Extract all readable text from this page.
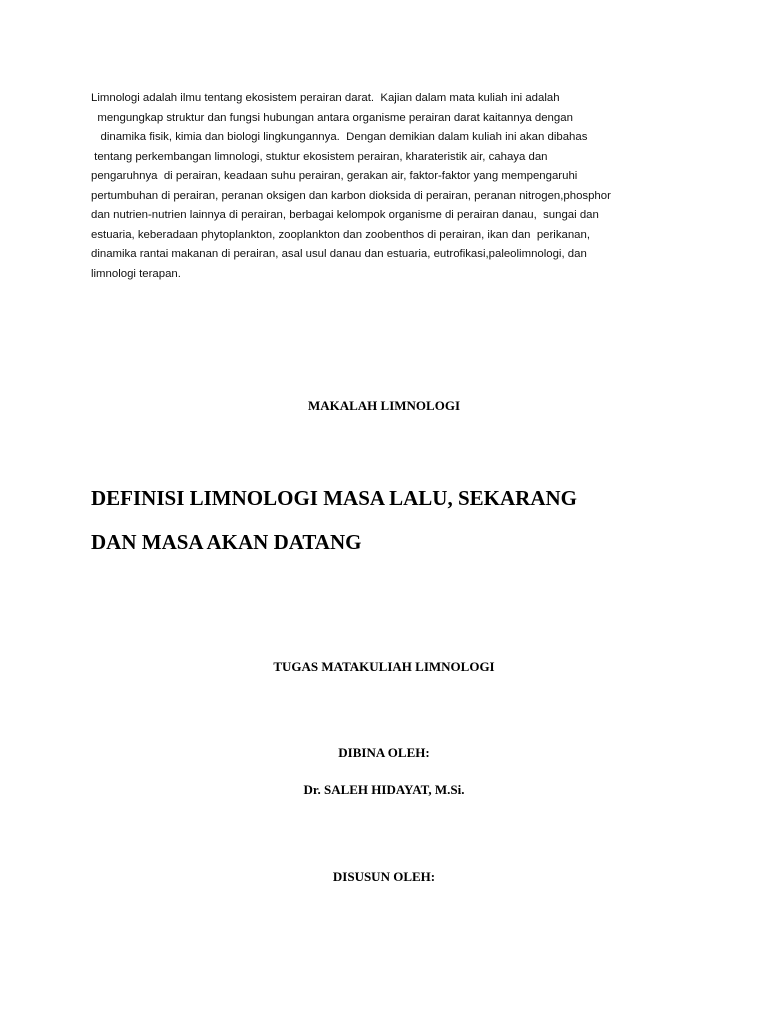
Limnologi adalah ilmu tentang ekosistem perairan darat.  Kajian dalam mata kuliah ini adalah
mengungkap struktur dan fungsi hubungan antara organisme perairan darat kaitannya dengan
dinamika fisik, kimia dan biologi lingkungannya.  Dengan demikian dalam kuliah ini akan dibahas
tentang perkembangan limnologi, stuktur ekosistem perairan, kharateristik air, cahaya dan
pengaruhnya  di perairan, keadaan suhu perairan, gerakan air, faktor-faktor yang mempengaruhi
pertumbuhan di perairan, peranan oksigen dan karbon dioksida di perairan, peranan nitrogen,phosphor
dan nutrien-nutrien lainnya di perairan, berbagai kelompok organisme di perairan danau,  sungai dan
estuaria, keberadaan phytoplankton, zooplankton dan zoobenthos di perairan, ikan dan  perikanan,
dinamika rantai makanan di perairan, asal usul danau dan estuaria, eutrofikasi,paleolimnologi, dan
limnologi terapan.
MAKALAH LIMNOLOGI
DEFINISI LIMNOLOGI MASA LALU, SEKARANG
DAN MASA AKAN DATANG
TUGAS MATAKULIAH LIMNOLOGI
DIBINA OLEH:
Dr. SALEH HIDAYAT, M.Si.
DISUSUN OLEH:
